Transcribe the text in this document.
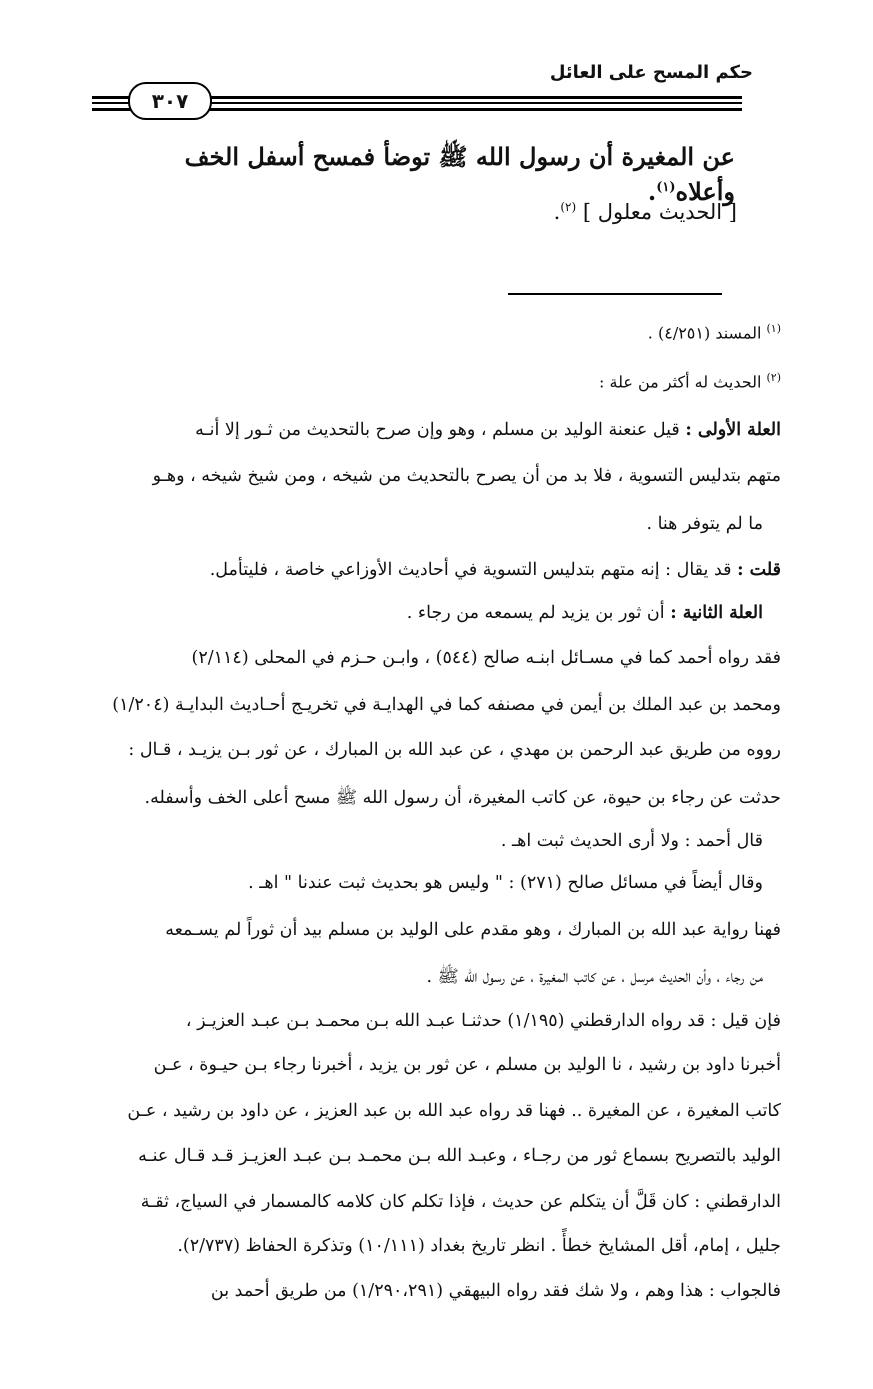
حكم المسح على العائل
٣٠٧
عن المغيرة أن رسول الله ﷺ توضأ فمسح أسفل الخف وأعلاه$^{(١)}$.
[ الحديث معلول ] $^{(٢)}$.
$^{(١)}$ المسند (٤/٢٥١) .
$^{(٢)}$ الحديث له أكثر من علة :
العلة الأولى : قيل عنعنة الوليد بن مسلم ، وهو وإن صرح بالتحديث من ثـور إلا أنـه
متهم بتدليس التسوية ، فلا بد من أن يصرح بالتحديث من شيخه ، ومن شيخ شيخه ، وهـو
ما لم يتوفر هنا .
قلت : قد يقال : إنه متهم بتدليس التسوية في أحاديث الأوزاعي خاصة ، فليتأمل.
العلة الثانية : أن ثور بن يزيد لم يسمعه من رجاء .
فقد رواه أحمد كما في مسـائل ابنـه صالح (٥٤٤) ، وابـن حـزم في المحلى (٢/١١٤)
ومحمد بن عبد الملك بن أيمن في مصنفه كما في الهدايـة في تخريـج أحـاديث البدايـة (١/٢٠٤)
رووه من طريق عبد الرحمن بن مهدي ، عن عبد الله بن المبارك ، عن ثور بـن يزيـد ، قـال :
حدثت عن رجاء بن حيوة، عن كاتب المغيرة، أن رسول الله ﷺ مسح أعلى الخف وأسفله.
قال أحمد : ولا أرى الحديث ثبت اهـ .
وقال أيضاً في مسائل صالح (٢٧١) : " وليس هو بحديث ثبت عندنا " اهـ .
فهنا رواية عبد الله بن المبارك ، وهو مقدم على الوليد بن مسلم بيد أن ثوراً لم يسـمعه
من رجاء ، وأن الحديث مرسل ، عن كاتب المغيرة ، عن رسول الله ﷺ .
فإن قيل : قد رواه الدارقطني (١/١٩٥) حدثنـا عبـد الله بـن محمـد بـن عبـد العزيـز ،
أخبرنا داود بن رشيد ، نا الوليد بن مسلم ، عن ثور بن يزيد ، أخبرنا رجاء بـن حيـوة ، عـن
كاتب المغيرة ، عن المغيرة .. فهنا قد رواه عبد الله بن عبد العزيز ، عن داود بن رشيد ، عـن
الوليد بالتصريح بسماع ثور من رجـاء ، وعبـد الله بـن محمـد بـن عبـد العزيـز قـد قـال عنـه
الدارقطني : كان قَلَّ أن يتكلم عن حديث ، فإذا تكلم كان كلامه كالمسمار في السياج، ثقـة
جليل ، إمام، أقل المشايخ خطأً . انظر تاريخ بغداد (١٠/١١١) وتذكرة الحفاظ (٢/٧٣٧).
فالجواب : هذا وهم ، ولا شك فقد رواه البيهقي (١/٢٩٠،٢٩١) من طريق أحمد بن
